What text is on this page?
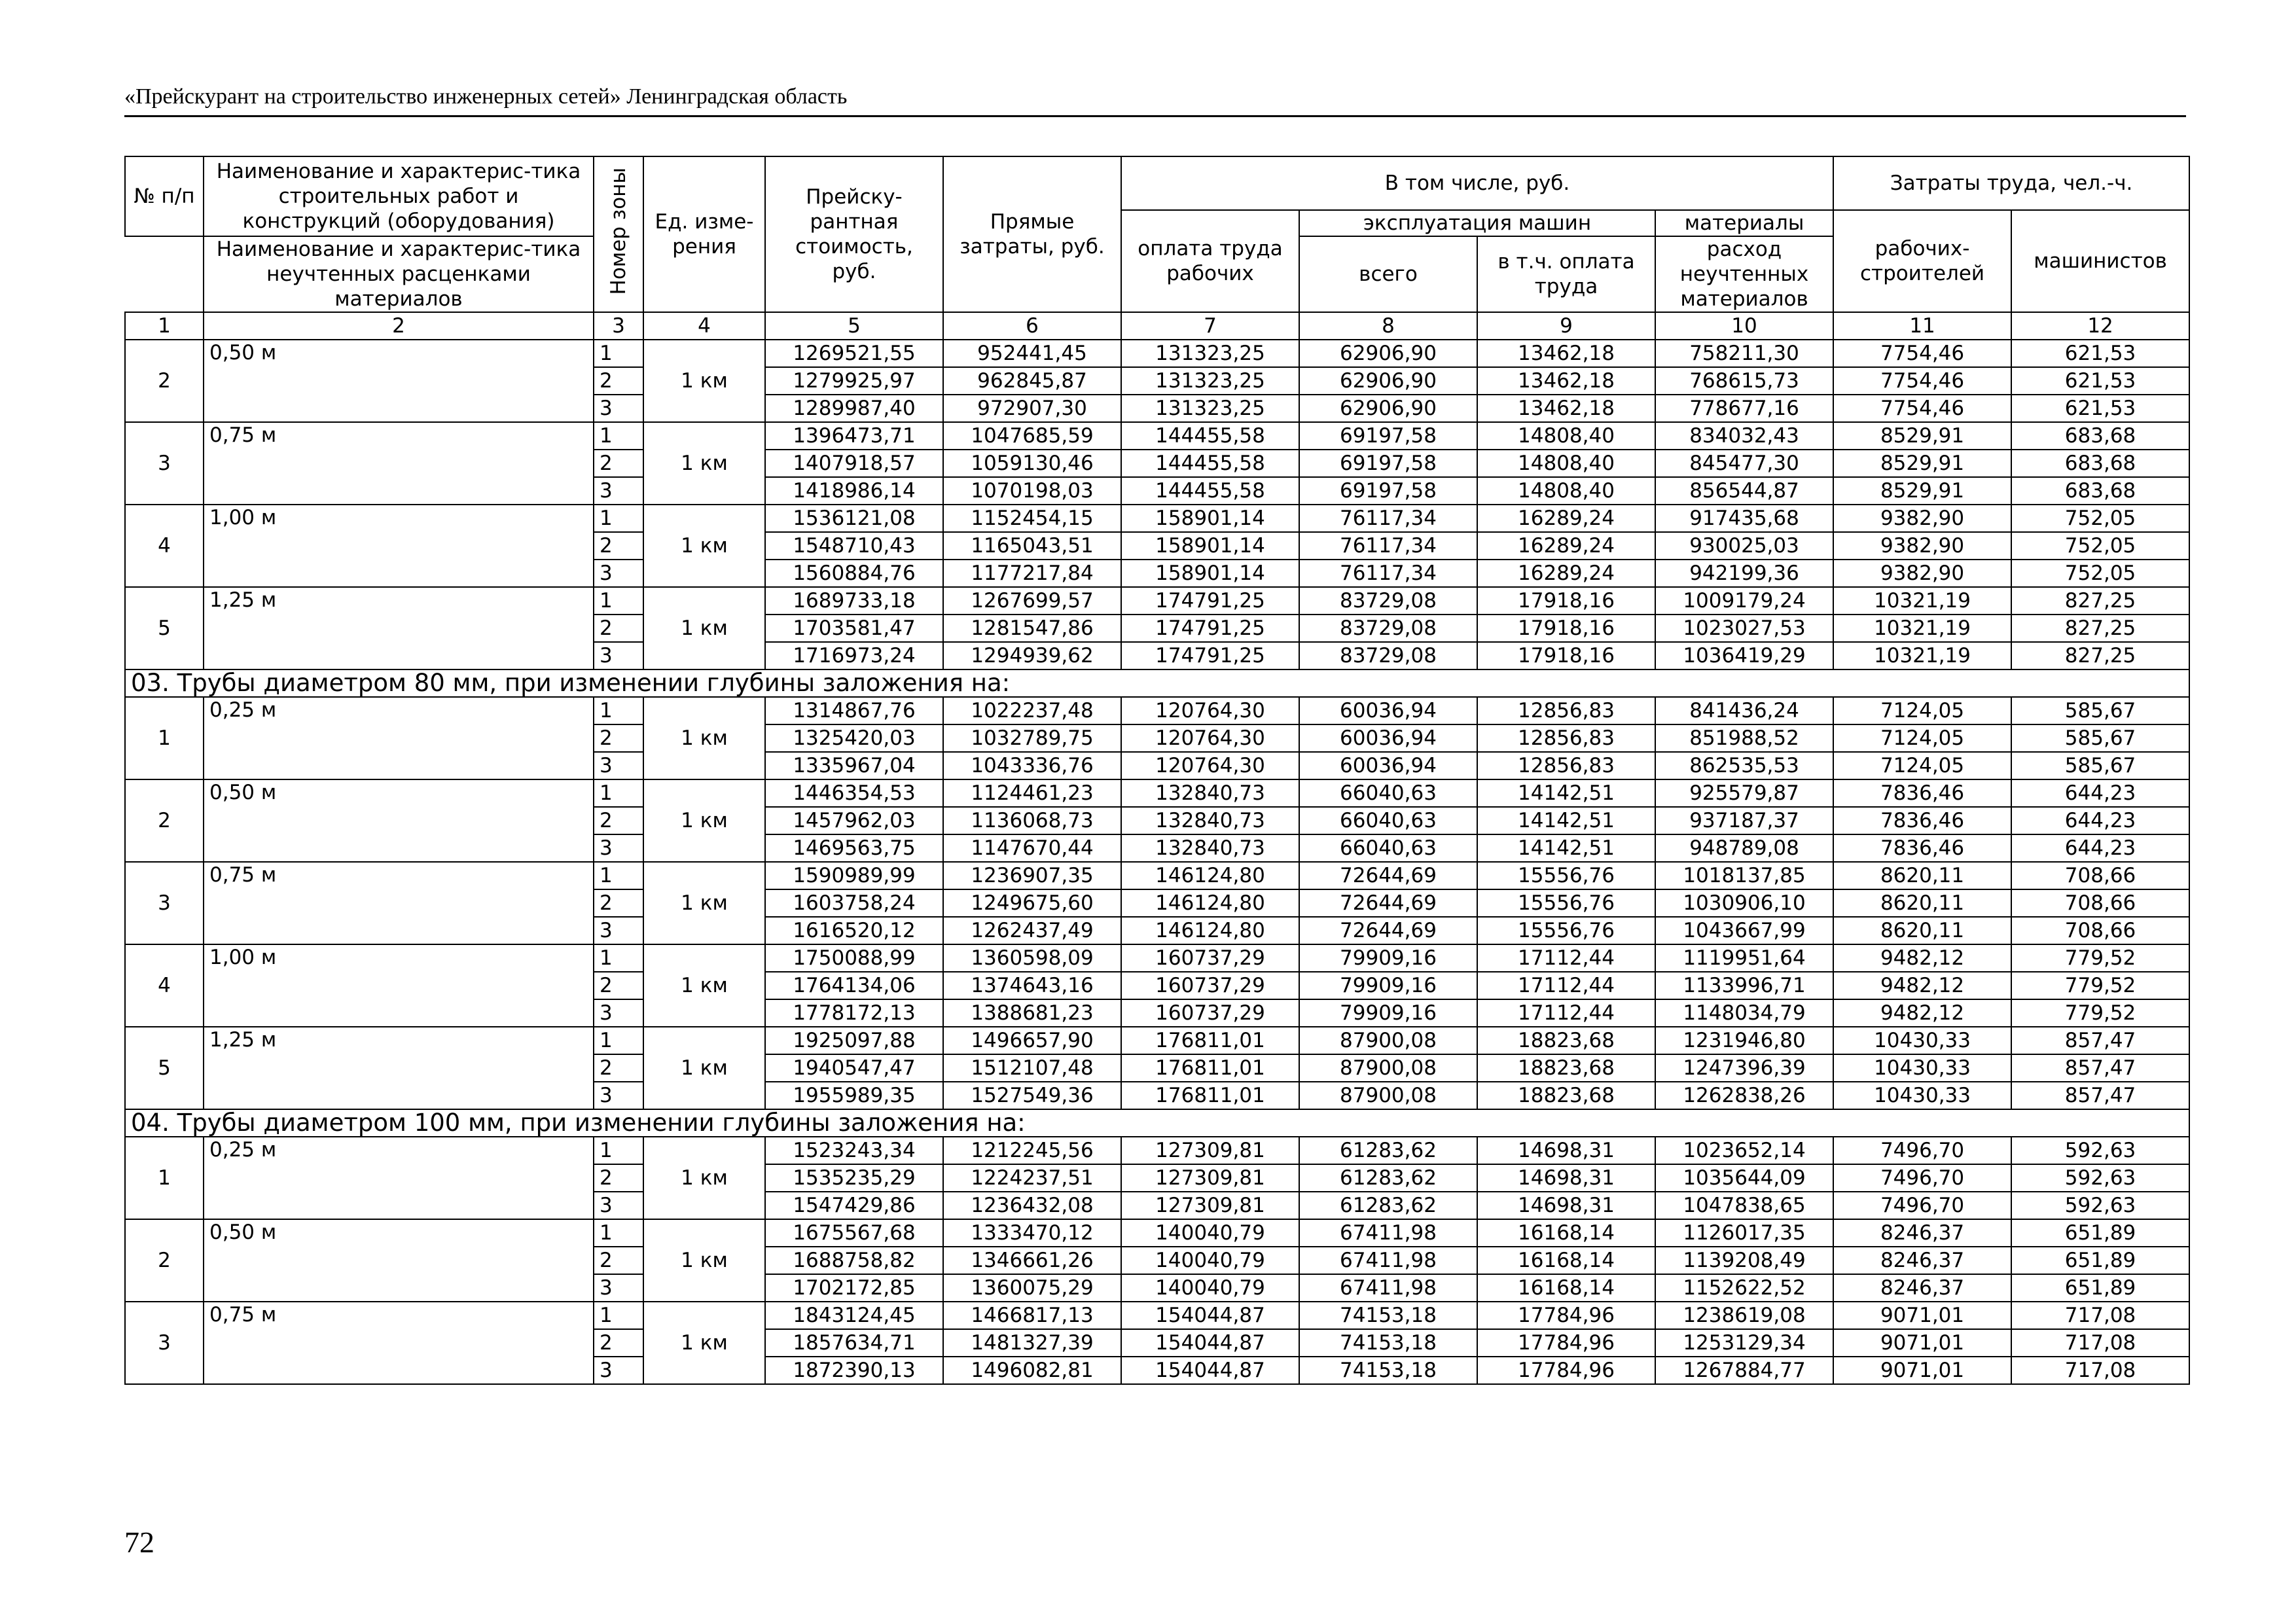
«Прейскурант на строительство инженерных сетей» Ленинградская область
№ п/п	Наименование и характерис-тика строительных работ и конструкций (оборудования)	Номер зоны	Ед. изме-рения	Прейску-рантная стоимость, руб.	Прямые затраты, руб.	В том числе, руб.				Затраты труда, чел.-ч.	
						оплата труда рабочих	эксплуатация машин		материалы	рабочих-строителей	машинистов
	Наименование и характерис-тика неучтенных расценками материалов						всего	в т.ч. оплата труда	расход неучтенных материалов		

1	2	3	4	5	6	7	8	9	10	11	12
2	0,50 м	1	1 км	1269521,55	952441,45	131323,25	62906,90	13462,18	758211,30	7754,46	621,53
		2		1279925,97	962845,87	131323,25	62906,90	13462,18	768615,73	7754,46	621,53
		3		1289987,40	972907,30	131323,25	62906,90	13462,18	778677,16	7754,46	621,53
3	0,75 м	1	1 км	1396473,71	1047685,59	144455,58	69197,58	14808,40	834032,43	8529,91	683,68
		2		1407918,57	1059130,46	144455,58	69197,58	14808,40	845477,30	8529,91	683,68
		3		1418986,14	1070198,03	144455,58	69197,58	14808,40	856544,87	8529,91	683,68
4	1,00 м	1	1 км	1536121,08	1152454,15	158901,14	76117,34	16289,24	917435,68	9382,90	752,05
		2		1548710,43	1165043,51	158901,14	76117,34	16289,24	930025,03	9382,90	752,05
		3		1560884,76	1177217,84	158901,14	76117,34	16289,24	942199,36	9382,90	752,05
5	1,25 м	1	1 км	1689733,18	1267699,57	174791,25	83729,08	17918,16	1009179,24	10321,19	827,25
		2		1703581,47	1281547,86	174791,25	83729,08	17918,16	1023027,53	10321,19	827,25
		3		1716973,24	1294939,62	174791,25	83729,08	17918,16	1036419,29	10321,19	827,25
03. Трубы диаметром 80 мм, при изменении глубины заложения на:											
1	0,25 м	1	1 км	1314867,76	1022237,48	120764,30	60036,94	12856,83	841436,24	7124,05	585,67
		2		1325420,03	1032789,75	120764,30	60036,94	12856,83	851988,52	7124,05	585,67
		3		1335967,04	1043336,76	120764,30	60036,94	12856,83	862535,53	7124,05	585,67
2	0,50 м	1	1 км	1446354,53	1124461,23	132840,73	66040,63	14142,51	925579,87	7836,46	644,23
		2		1457962,03	1136068,73	132840,73	66040,63	14142,51	937187,37	7836,46	644,23
		3		1469563,75	1147670,44	132840,73	66040,63	14142,51	948789,08	7836,46	644,23
3	0,75 м	1	1 км	1590989,99	1236907,35	146124,80	72644,69	15556,76	1018137,85	8620,11	708,66
		2		1603758,24	1249675,60	146124,80	72644,69	15556,76	1030906,10	8620,11	708,66
		3		1616520,12	1262437,49	146124,80	72644,69	15556,76	1043667,99	8620,11	708,66
4	1,00 м	1	1 км	1750088,99	1360598,09	160737,29	79909,16	17112,44	1119951,64	9482,12	779,52
		2		1764134,06	1374643,16	160737,29	79909,16	17112,44	1133996,71	9482,12	779,52
		3		1778172,13	1388681,23	160737,29	79909,16	17112,44	1148034,79	9482,12	779,52
5	1,25 м	1	1 км	1925097,88	1496657,90	176811,01	87900,08	18823,68	1231946,80	10430,33	857,47
		2		1940547,47	1512107,48	176811,01	87900,08	18823,68	1247396,39	10430,33	857,47
		3		1955989,35	1527549,36	176811,01	87900,08	18823,68	1262838,26	10430,33	857,47
04. Трубы диаметром 100 мм, при изменении глубины заложения на:											
1	0,25 м	1	1 км	1523243,34	1212245,56	127309,81	61283,62	14698,31	1023652,14	7496,70	592,63
		2		1535235,29	1224237,51	127309,81	61283,62	14698,31	1035644,09	7496,70	592,63
		3		1547429,86	1236432,08	127309,81	61283,62	14698,31	1047838,65	7496,70	592,63
2	0,50 м	1	1 км	1675567,68	1333470,12	140040,79	67411,98	16168,14	1126017,35	8246,37	651,89
		2		1688758,82	1346661,26	140040,79	67411,98	16168,14	1139208,49	8246,37	651,89
		3		1702172,85	1360075,29	140040,79	67411,98	16168,14	1152622,52	8246,37	651,89
3	0,75 м	1	1 км	1843124,45	1466817,13	154044,87	74153,18	17784,96	1238619,08	9071,01	717,08
		2		1857634,71	1481327,39	154044,87	74153,18	17784,96	1253129,34	9071,01	717,08
		3		1872390,13	1496082,81	154044,87	74153,18	17784,96	1267884,77	9071,01	717,08
72
